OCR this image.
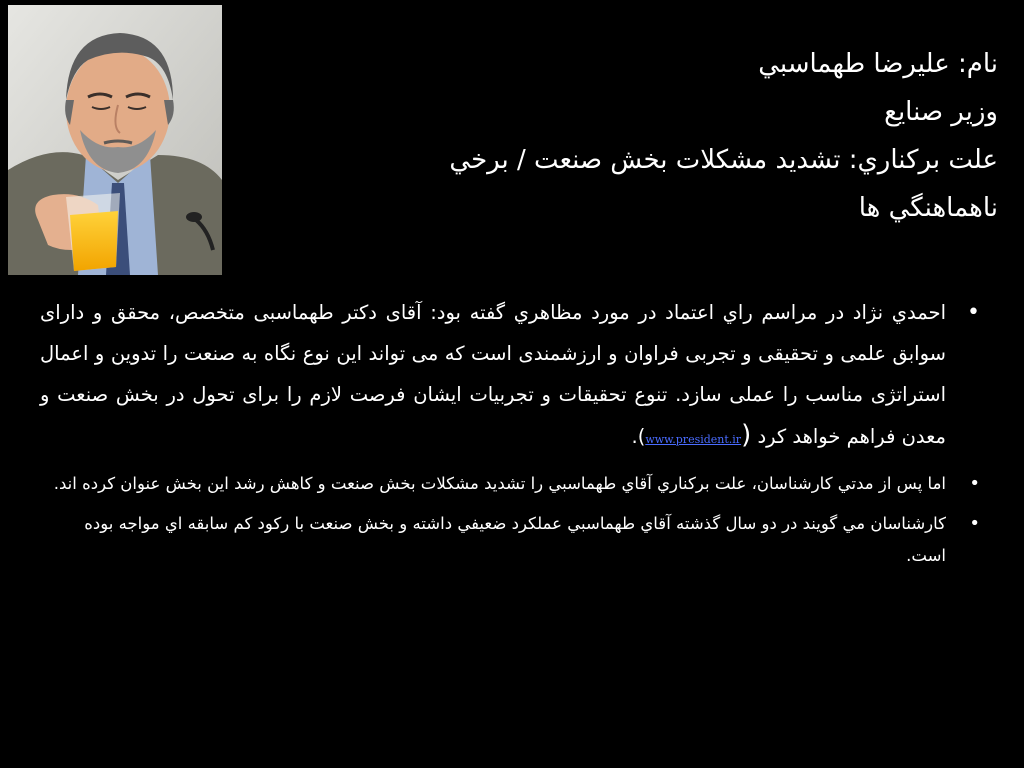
نام: عليرضا طهماسبي
وزير صنايع
علت بركناري: تشديد مشكلات بخش صنعت / برخي
ناهماهنگي ها
•
احمدي نژاد در مراسم راي اعتماد در مورد مظاهري گفته بود: آقای دکتر طهماسبی متخصص، محقق و دارای سوابق علمی و تحقیقی و تجربی فراوان و ارزشمندی است که می تواند این نوع نگاه به صنعت را تدوین و اعمال استراتژی مناسب را عملی سازد. تنوع تحقیقات و تجربیات ایشان فرصت لازم را برای تحول در بخش صنعت و معدن فراهم خواهد کرد (www.president.ir).
•
اما پس از مدتي كارشناسان، علت بركناري آقاي طهماسبي را تشديد مشكلات بخش صنعت و كاهش رشد اين بخش عنوان كرده اند.
•
كارشناسان مي گويند در دو سال گذشته آقاي طهماسبي عملكرد ضعيفي داشته و بخش صنعت با ركود كم سابقه اي مواجه بوده است.
